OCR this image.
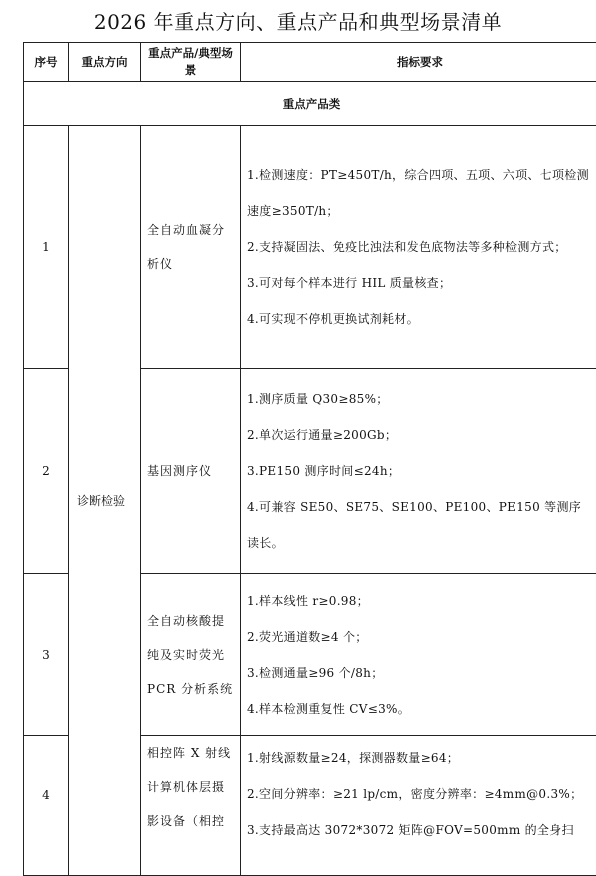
2026 年重点方向、重点产品和典型场景清单
序号	重点方向	重点产品/典型场景	指标要求
重点产品类			
1	诊断检验	全自动血凝分析仪	1.检测速度：PT≥450T/h，综合四项、五项、六项、七项检测速度≥350T/h；
2.支持凝固法、免疫比浊法和发色底物法等多种检测方式；
3.可对每个样本进行 HIL 质量核查；
4.可实现不停机更换试剂耗材。

2		基因测序仪	1.测序质量 Q30≥85%；
2.单次运行通量≥200Gb；
3.PE150 测序时间≤24h；
4.可兼容 SE50、SE75、SE100、PE100、PE150 等测序读长。

3		全自动核酸提纯及实时荧光 PCR 分析系统	1.样本线性 r≥0.98；
2.荧光通道数≥4 个；
3.检测通量≥96 个/8h；
4.样本检测重复性 CV≤3%。

4		相控阵 X 射线计算机体层摄影设备（相控	1.射线源数量≥24，探测器数量≥64；
2.空间分辨率：≥21 lp/cm，密度分辨率：≥4mm@0.3%；
3.支持最高达 3072*3072 矩阵@FOV=500mm 的全身扫
